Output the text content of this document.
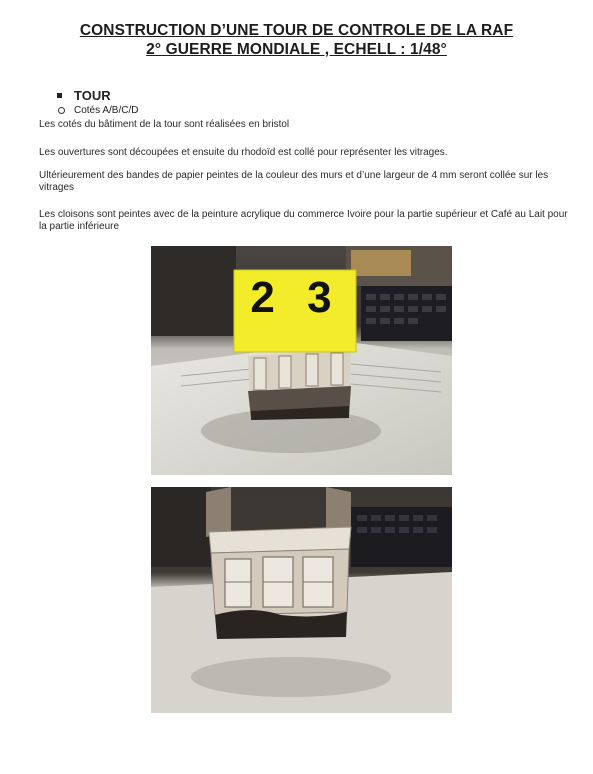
CONSTRUCTION D’UNE TOUR DE CONTROLE DE LA RAF
2° GUERRE MONDIALE , ECHELL : 1/48°
TOUR
Cotés A/B/C/D
Les cotés du bâtiment de la tour sont réalisées en bristol
Les ouvertures sont découpées et ensuite du rhodoïd est collé pour représenter les vitrages.
Ultérieurement des bandes de papier peintes de la couleur des murs et d’une largeur de 4 mm seront collée sur les vitrages
Les cloisons sont peintes avec de la peinture acrylique du commerce Ivoire pour la partie supérieur et Café au Lait pour la partie inférieure
2 3
